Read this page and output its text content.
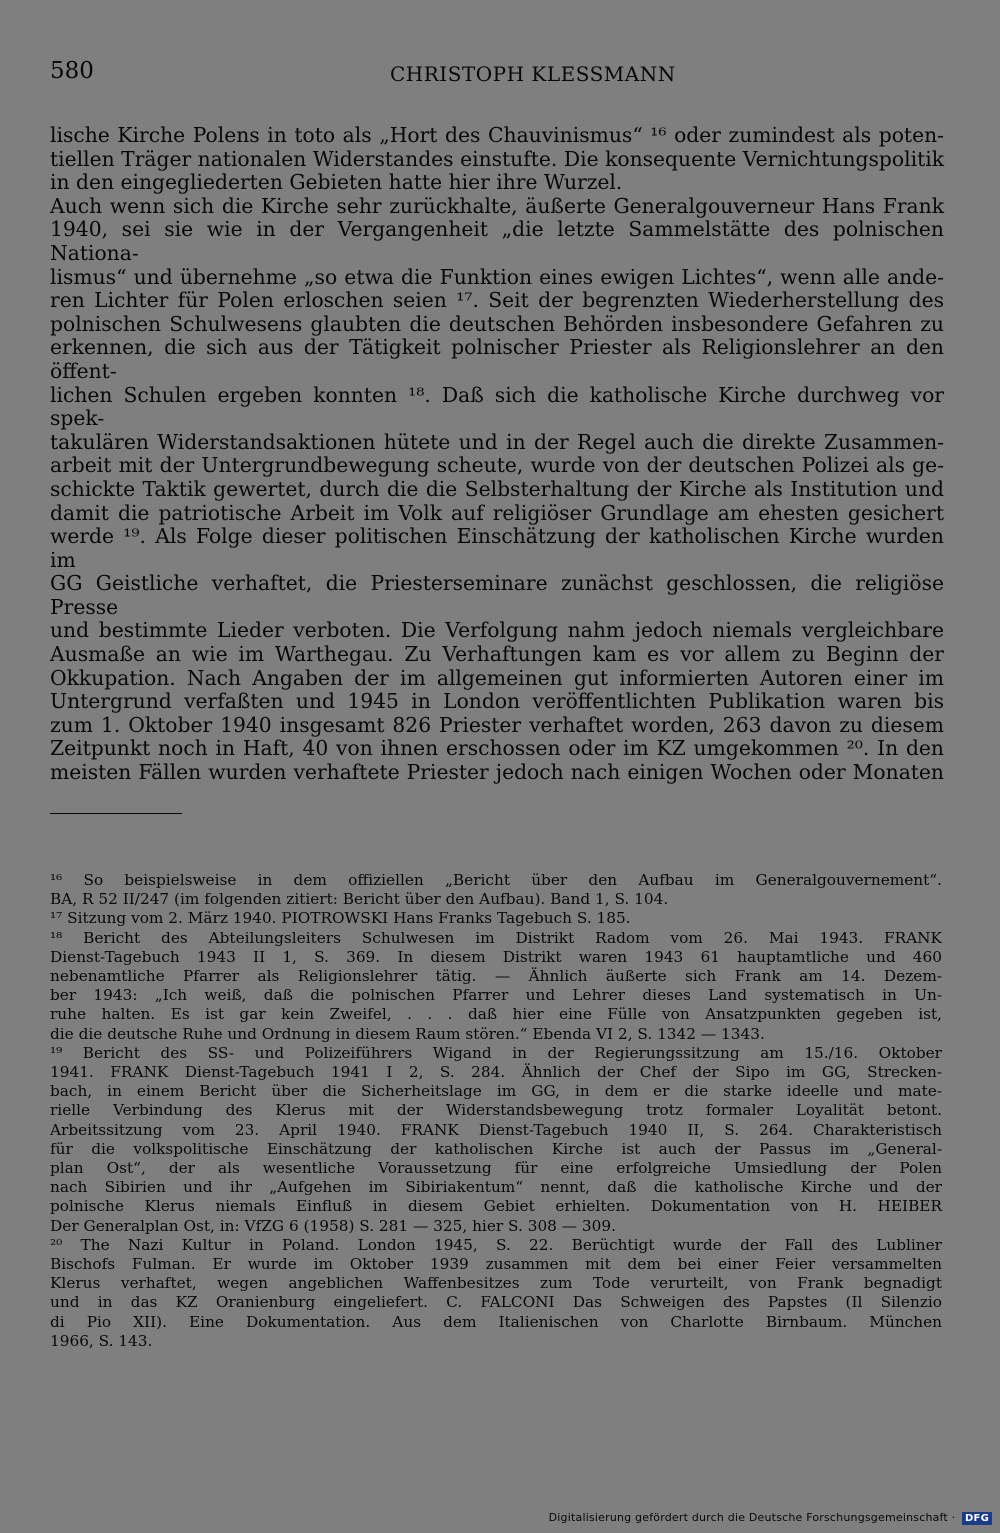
580	CHRISTOPH KLESSMANN
lische Kirche Polens in toto als „Hort des Chauvinismus“ ¹⁶ oder zumindest als poten-
tiellen Träger nationalen Widerstandes einstufte. Die konsequente Vernichtungspolitik
in den eingegliederten Gebieten hatte hier ihre Wurzel.
Auch wenn sich die Kirche sehr zurückhalte, äußerte Generalgouverneur Hans Frank
1940, sei sie wie in der Vergangenheit „die letzte Sammelstätte des polnischen Nationa-
lismus“ und übernehme „so etwa die Funktion eines ewigen Lichtes“, wenn alle ande-
ren Lichter für Polen erloschen seien ¹⁷. Seit der begrenzten Wiederherstellung des
polnischen Schulwesens glaubten die deutschen Behörden insbesondere Gefahren zu
erkennen, die sich aus der Tätigkeit polnischer Priester als Religionslehrer an den öffent-
lichen Schulen ergeben konnten ¹⁸. Daß sich die katholische Kirche durchweg vor spek-
takulären Widerstandsaktionen hütete und in der Regel auch die direkte Zusammen-
arbeit mit der Untergrundbewegung scheute, wurde von der deutschen Polizei als ge-
schickte Taktik gewertet, durch die die Selbsterhaltung der Kirche als Institution und
damit die patriotische Arbeit im Volk auf religiöser Grundlage am ehesten gesichert
werde ¹⁹. Als Folge dieser politischen Einschätzung der katholischen Kirche wurden im
GG Geistliche verhaftet, die Priesterseminare zunächst geschlossen, die religiöse Presse
und bestimmte Lieder verboten. Die Verfolgung nahm jedoch niemals vergleichbare
Ausmaße an wie im Warthegau. Zu Verhaftungen kam es vor allem zu Beginn der
Okkupation. Nach Angaben der im allgemeinen gut informierten Autoren einer im
Untergrund verfaßten und 1945 in London veröffentlichten Publikation waren bis
zum 1. Oktober 1940 insgesamt 826 Priester verhaftet worden, 263 davon zu diesem
Zeitpunkt noch in Haft, 40 von ihnen erschossen oder im KZ umgekommen ²⁰. In den
meisten Fällen wurden verhaftete Priester jedoch nach einigen Wochen oder Monaten
¹⁶ So beispielsweise in dem offiziellen „Bericht über den Aufbau im Generalgouvernement“.
BA, R 52 II/247 (im folgenden zitiert: Bericht über den Aufbau). Band 1, S. 104.
¹⁷ Sitzung vom 2. März 1940. PIOTROWSKI Hans Franks Tagebuch S. 185.
¹⁸ Bericht des Abteilungsleiters Schulwesen im Distrikt Radom vom 26. Mai 1943. FRANK
Dienst-Tagebuch 1943 II 1, S. 369. In diesem Distrikt waren 1943 61 hauptamtliche und 460
nebenamtliche Pfarrer als Religionslehrer tätig. — Ähnlich äußerte sich Frank am 14. Dezem-
ber 1943: „Ich weiß, daß die polnischen Pfarrer und Lehrer dieses Land systematisch in Un-
ruhe halten. Es ist gar kein Zweifel, . . . daß hier eine Fülle von Ansatzpunkten gegeben ist,
die die deutsche Ruhe und Ordnung in diesem Raum stören.“ Ebenda VI 2, S. 1342 — 1343.
¹⁹ Bericht des SS- und Polizeiführers Wigand in der Regierungssitzung am 15./16. Oktober
1941. FRANK Dienst-Tagebuch 1941 I 2, S. 284. Ähnlich der Chef der Sipo im GG, Strecken-
bach, in einem Bericht über die Sicherheitslage im GG, in dem er die starke ideelle und mate-
rielle Verbindung des Klerus mit der Widerstandsbewegung trotz formaler Loyalität betont.
Arbeitssitzung vom 23. April 1940. FRANK Dienst-Tagebuch 1940 II, S. 264. Charakteristisch
für die volkspolitische Einschätzung der katholischen Kirche ist auch der Passus im „General-
plan Ost“, der als wesentliche Voraussetzung für eine erfolgreiche Umsiedlung der Polen
nach Sibirien und ihr „Aufgehen im Sibiriakentum“ nennt, daß die katholische Kirche und der
polnische Klerus niemals Einfluß in diesem Gebiet erhielten. Dokumentation von H. HEIBER
Der Generalplan Ost, in: VfZG 6 (1958) S. 281 — 325, hier S. 308 — 309.
²⁰ The Nazi Kultur in Poland. London 1945, S. 22. Berüchtigt wurde der Fall des Lubliner
Bischofs Fulman. Er wurde im Oktober 1939 zusammen mit dem bei einer Feier versammelten
Klerus verhaftet, wegen angeblichen Waffenbesitzes zum Tode verurteilt, von Frank begnadigt
und in das KZ Oranienburg eingeliefert. C. FALCONI Das Schweigen des Papstes (Il Silenzio
di Pio XII). Eine Dokumentation. Aus dem Italienischen von Charlotte Birnbaum. München
1966, S. 143.
Digitalisierung gefördert durch die Deutsche Forschungsgemeinschaft · DFG
